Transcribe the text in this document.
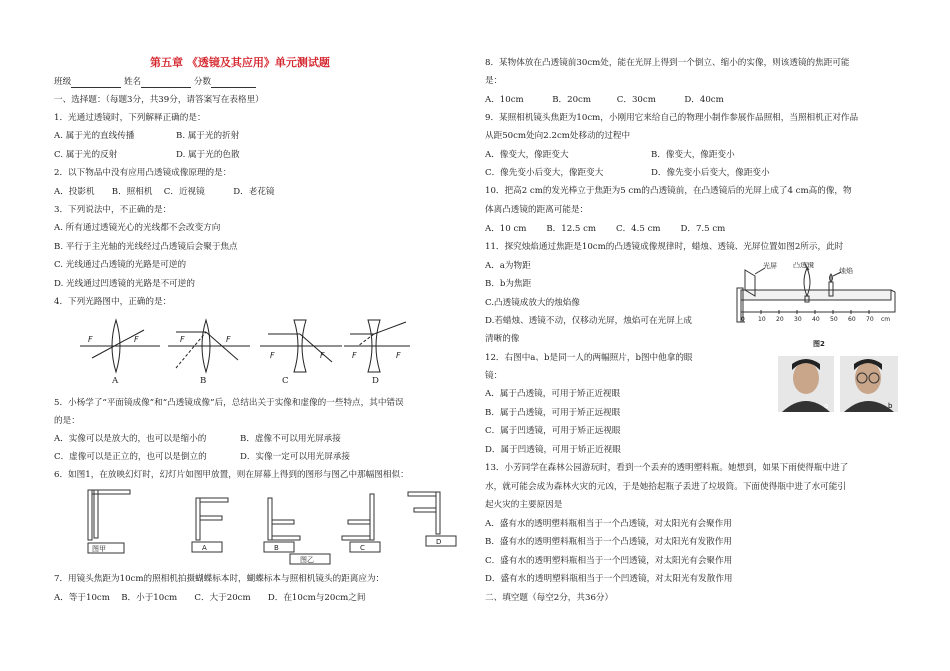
第五章 《透镜及其应用》单元测试题
班级	姓名	分数
一、选择题：（每题3分，共39分，请答案写在表格里）
1．光通过透镜时，下列解释正确的是：
A. 属于光的直线传播	B. 属于光的折射
C. 属于光的反射	D. 属于光的色散
2．以下物品中没有应用凸透镜成像原理的是：
A．投影机　　B．照相机　 C．近视镜　　　 D．老花镜
3．下列说法中，不正确的是：
A. 所有通过透镜光心的光线都不会改变方向
B. 平行于主光轴的光线经过凸透镜后会聚于焦点
C. 光线通过凸透镜的光路是可逆的
D. 光线通过凹透镜的光路是不可逆的
4．下列光路图中，正确的是：
F	F	F	F
F	F	F	F
A	B	C	D
5．小杨学了“平面镜成像”和“凸透镜成像”后，总结出关于实像和虚像的一些特点，其中错误
的是：
A．实像可以是放大的，也可以是缩小的	B．虚像不可以用光屏承接
C．虚像可以是正立的，也可以是倒立的	D．实像一定可以用光屏承接
6．如图1，在放映幻灯时，幻灯片如图甲放置，则在屏幕上得到的图形与图乙中那幅图相似：
图甲	A	B	C
D
图乙
7．用镜头焦距为10cm的照相机拍摄蝴蝶标本时，蝴蝶标本与照相机镜头的距离应为：
A．等于10cm　 B．小于10cm　　C．大于20cm　　D．在10cm与20cm之间
8．某物体放在凸透镜前30cm处，能在光屏上得到一个倒立、缩小的实像，则该透镜的焦距可能
是：
A．10cm　　　 B．20cm　　　C．30cm　　　 D．40cm
9．某照相机镜头焦距为10cm，小刚用它来给自己的物理小制作参展作品照相，当照相机正对作品
从距50cm处向2.2cm处移动的过程中
A．像变大，像距变大	B．像变大，像距变小
C．像先变小后变大，像距变大	D．像先变小后变大，像距变小
10．把高2 cm的发光棒立于焦距为5 cm的凸透镜前，在凸透镜后的光屏上成了4 cm高的像，物
体离凸透镜的距离可能是：
A．10 cm　　 B．12.5 cm　　 C．4.5 cm　　 D．7.5 cm
11．探究烛焰通过焦距是10cm的凸透镜成像规律时，蜡烛、透镜、光屏位置如图2所示，此时
A．a为物距
B．b为焦距
C.凸透镜成放大的烛焰像
D.若蜡烛、透镜不动，仅移动光屏，烛焰可在光屏上成
清晰的像
光屏 凸透镜
烛焰
0 10 20 30 40 50 60 70 cm
图2
12．右图中a、b是同一人的两幅照片，b图中他拿的眼
镜：
A．属于凸透镜，可用于矫正近视眼
B．属于凸透镜，可用于矫正远视眼
C．属于凹透镜，可用于矫正远视眼
D．属于凹透镜，可用于矫正近视眼
a	b
13．小芳同学在森林公园游玩时，看到一个丢弃的透明塑料瓶。她想到，如果下雨使得瓶中进了
水，就可能会成为森林火灾的元凶，于是她拾起瓶子丢进了垃圾筒。下面使得瓶中进了水可能引
起火灾的主要原因是
A．盛有水的透明塑料瓶相当于一个凸透镜，对太阳光有会聚作用
B．盛有水的透明塑料瓶相当于一个凸透镜，对太阳光有发散作用
C．盛有水的透明塑料瓶相当于一个凹透镜，对太阳光有会聚作用
D．盛有水的透明塑料瓶相当于一个凹透镜，对太阳光有发散作用
二、填空题（每空2分，共36分）
